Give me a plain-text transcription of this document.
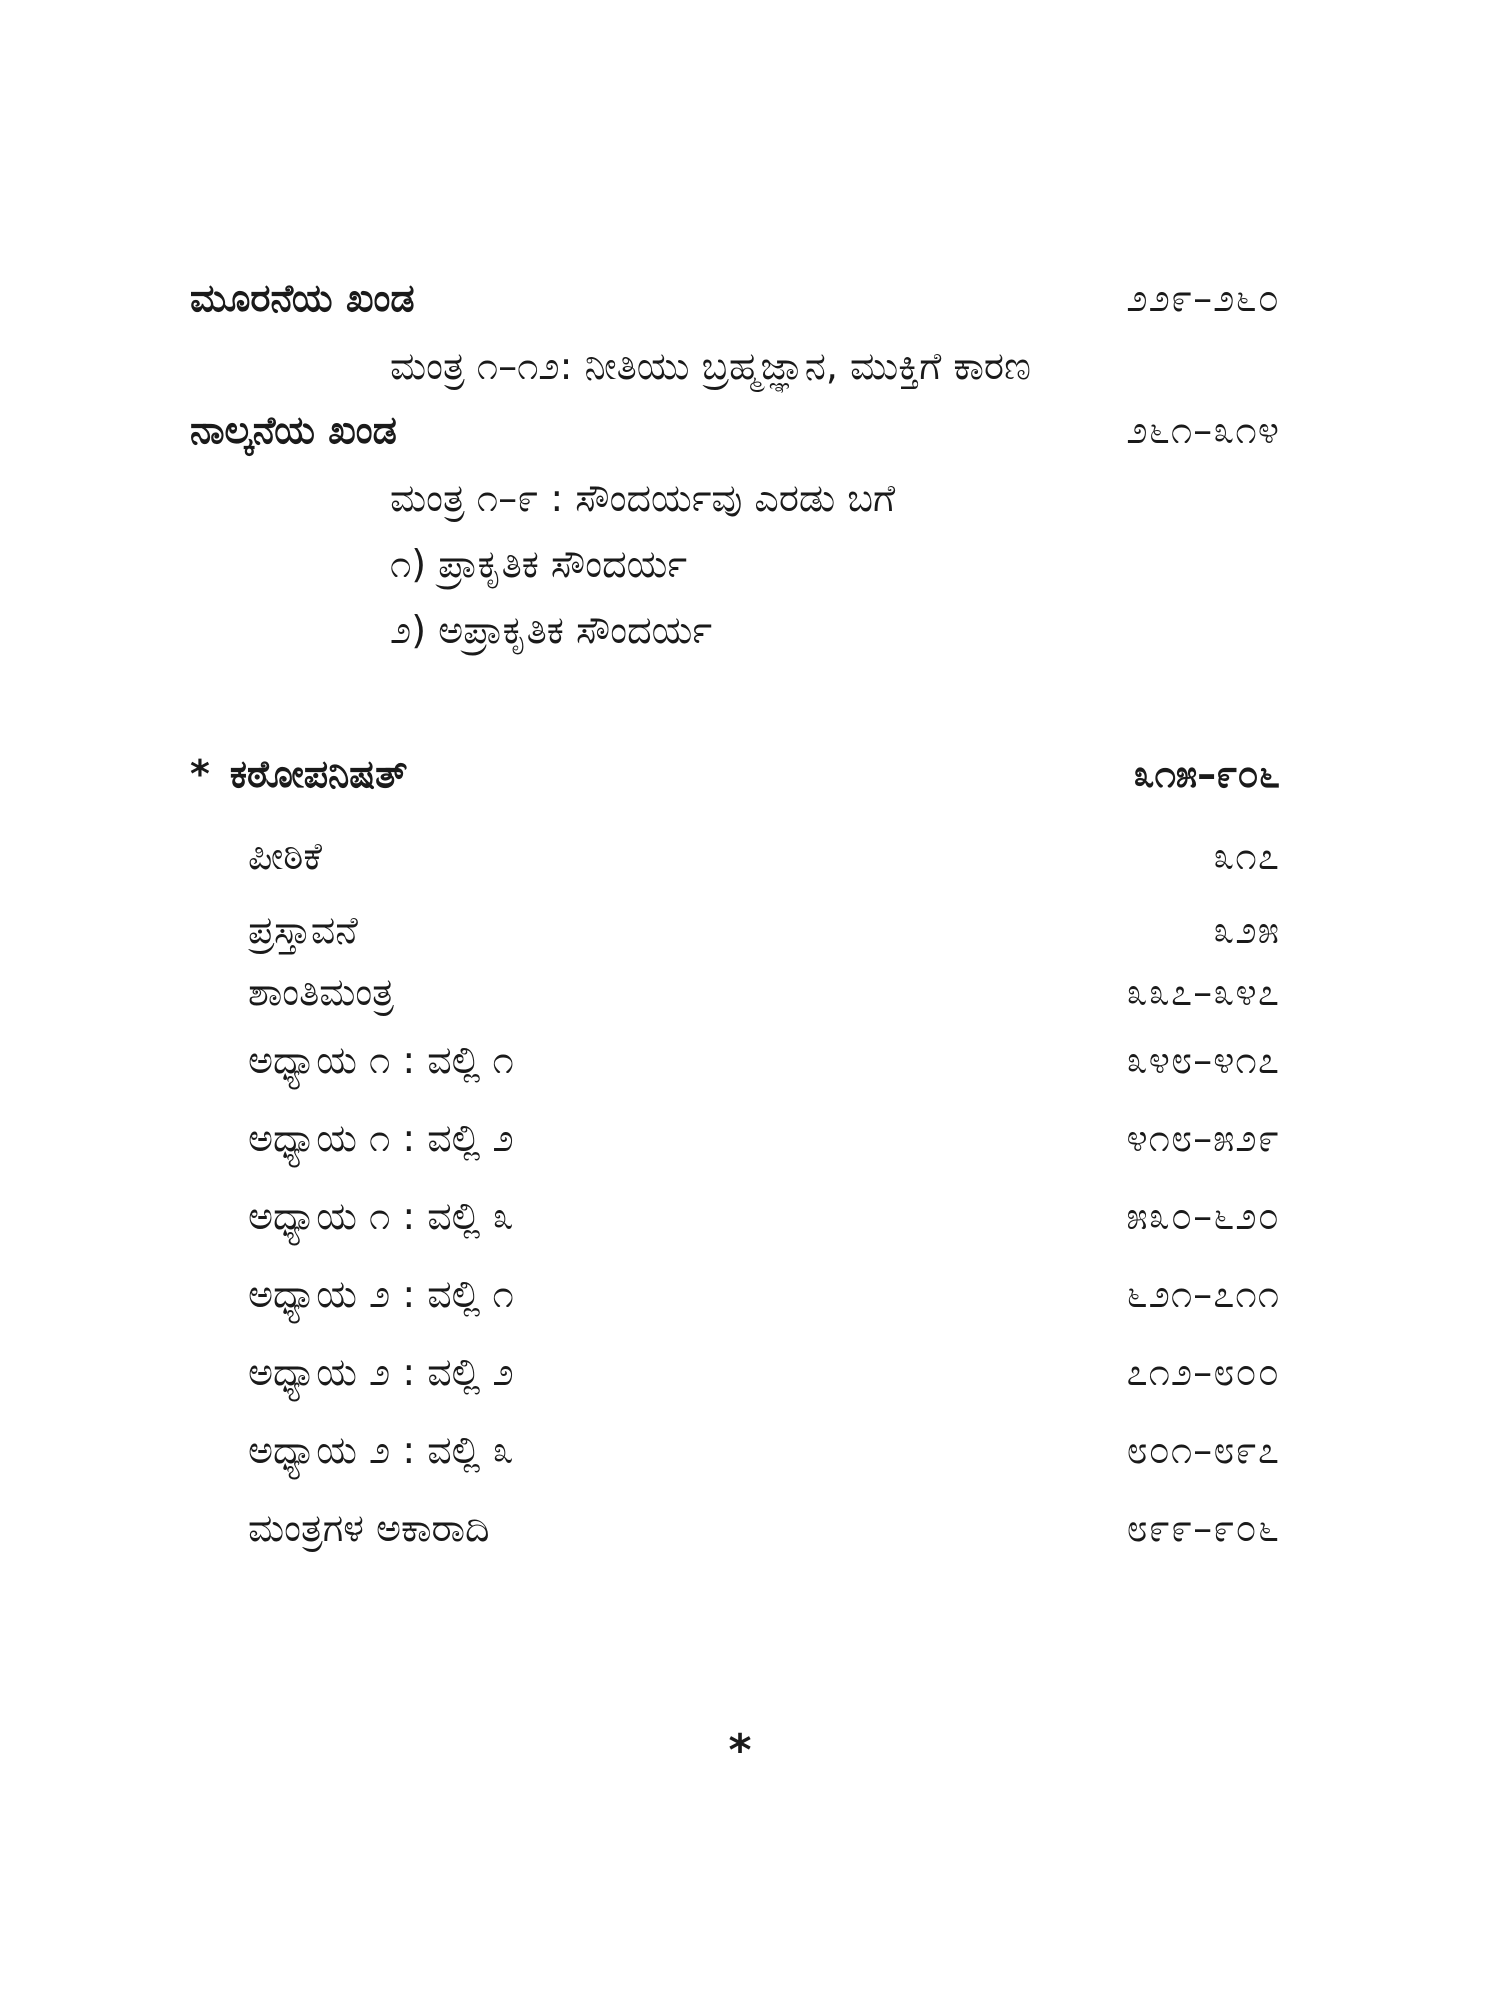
ಮೂರನೆಯ ಖಂಡ	೨೨೯–೨೬೦
ಮಂತ್ರ ೧–೧೨: ನೀತಿಯು ಬ್ರಹ್ಮಜ್ಞಾನ, ಮುಕ್ತಿಗೆ ಕಾರಣ
ನಾಲ್ಕನೆಯ ಖಂಡ	೨೬೧–೩೧೪
ಮಂತ್ರ ೧–೯ : ಸೌಂದರ್ಯವು ಎರಡು ಬಗೆ
೧) ಪ್ರಾಕೃತಿಕ ಸೌಂದರ್ಯ
೨) ಅಪ್ರಾಕೃತಿಕ ಸೌಂದರ್ಯ
* ಕಠೋಪನಿಷತ್	೩೧೫–೯೦೬
ಪೀಠಿಕೆ	೩೧೭
ಪ್ರಸ್ತಾವನೆ	೩೨೫
ಶಾಂತಿಮಂತ್ರ	೩೩೭–೩೪೭
ಅಧ್ಯಾಯ ೧ : ವಲ್ಲಿ ೧	೩೪೮–೪೧೭
ಅಧ್ಯಾಯ ೧ : ವಲ್ಲಿ ೨	೪೧೮–೫೨೯
ಅಧ್ಯಾಯ ೧ : ವಲ್ಲಿ ೩	೫೩೦–೬೨೦
ಅಧ್ಯಾಯ ೨ : ವಲ್ಲಿ ೧	೬೨೧–೭೧೧
ಅಧ್ಯಾಯ ೨ : ವಲ್ಲಿ ೨	೭೧೨–೮೦೦
ಅಧ್ಯಾಯ ೨ : ವಲ್ಲಿ ೩	೮೦೧–೮೯೭
ಮಂತ್ರಗಳ ಅಕಾರಾದಿ	೮೯೯–೯೦೬
*
